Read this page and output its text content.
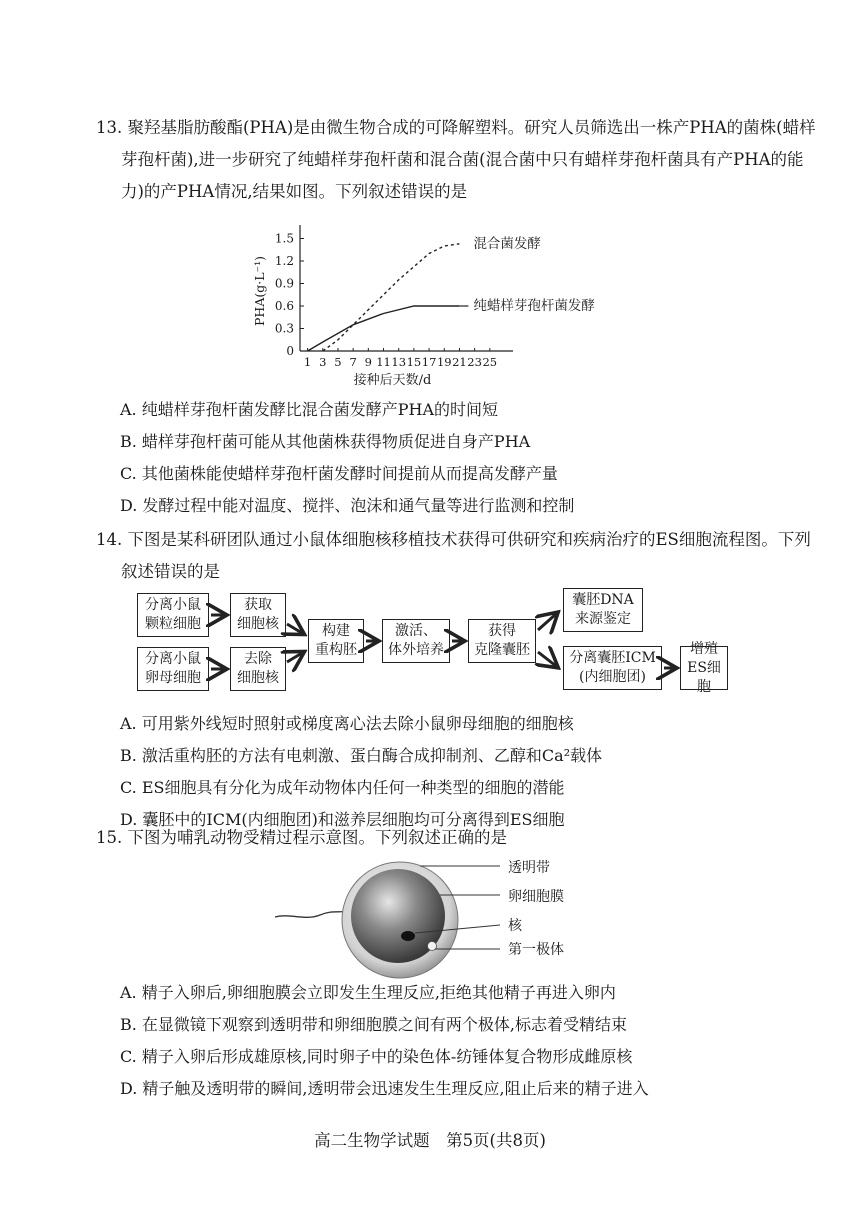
13. 聚羟基脂肪酸酯(PHA)是由微生物合成的可降解塑料。研究人员筛选出一株产PHA的菌株(蜡样芽孢杆菌),进一步研究了纯蜡样芽孢杆菌和混合菌(混合菌中只有蜡样芽孢杆菌具有产PHA的能力)的产PHA情况,结果如图。下列叙述错误的是
0
0.3
0.6
0.9
1.2
1.5
1 3 5 7 9 11 13 15 17 19 21 23 25
接种后天数/d
PHA(g·L⁻¹)
混合菌发酵
纯蜡样芽孢杆菌发酵
A. 纯蜡样芽孢杆菌发酵比混合菌发酵产PHA的时间短
B. 蜡样芽孢杆菌可能从其他菌株获得物质促进自身产PHA
C. 其他菌株能使蜡样芽孢杆菌发酵时间提前从而提高发酵产量
D. 发酵过程中能对温度、搅拌、泡沫和通气量等进行监测和控制
14. 下图是某科研团队通过小鼠体细胞核移植技术获得可供研究和疾病治疗的ES细胞流程图。下列叙述错误的是
分离小鼠
颗粒细胞
获取
细胞核
分离小鼠
卵母细胞
去除
细胞核
构建
重构胚
激活、
体外培养
获得
克隆囊胚
囊胚DNA
来源鉴定
分离囊胚ICM
(内细胞团)
增殖
ES细胞
A. 可用紫外线短时照射或梯度离心法去除小鼠卵母细胞的细胞核
B. 激活重构胚的方法有电刺激、蛋白酶合成抑制剂、乙醇和Ca²载体
C. ES细胞具有分化为成年动物体内任何一种类型的细胞的潜能
D. 囊胚中的ICM(内细胞团)和滋养层细胞均可分离得到ES细胞
15. 下图为哺乳动物受精过程示意图。下列叙述正确的是
透明带
卵细胞膜
核
第一极体
A. 精子入卵后,卵细胞膜会立即发生生理反应,拒绝其他精子再进入卵内
B. 在显微镜下观察到透明带和卵细胞膜之间有两个极体,标志着受精结束
C. 精子入卵后形成雄原核,同时卵子中的染色体-纺锤体复合物形成雌原核
D. 精子触及透明带的瞬间,透明带会迅速发生生理反应,阻止后来的精子进入
高二生物学试题　第5页(共8页)
